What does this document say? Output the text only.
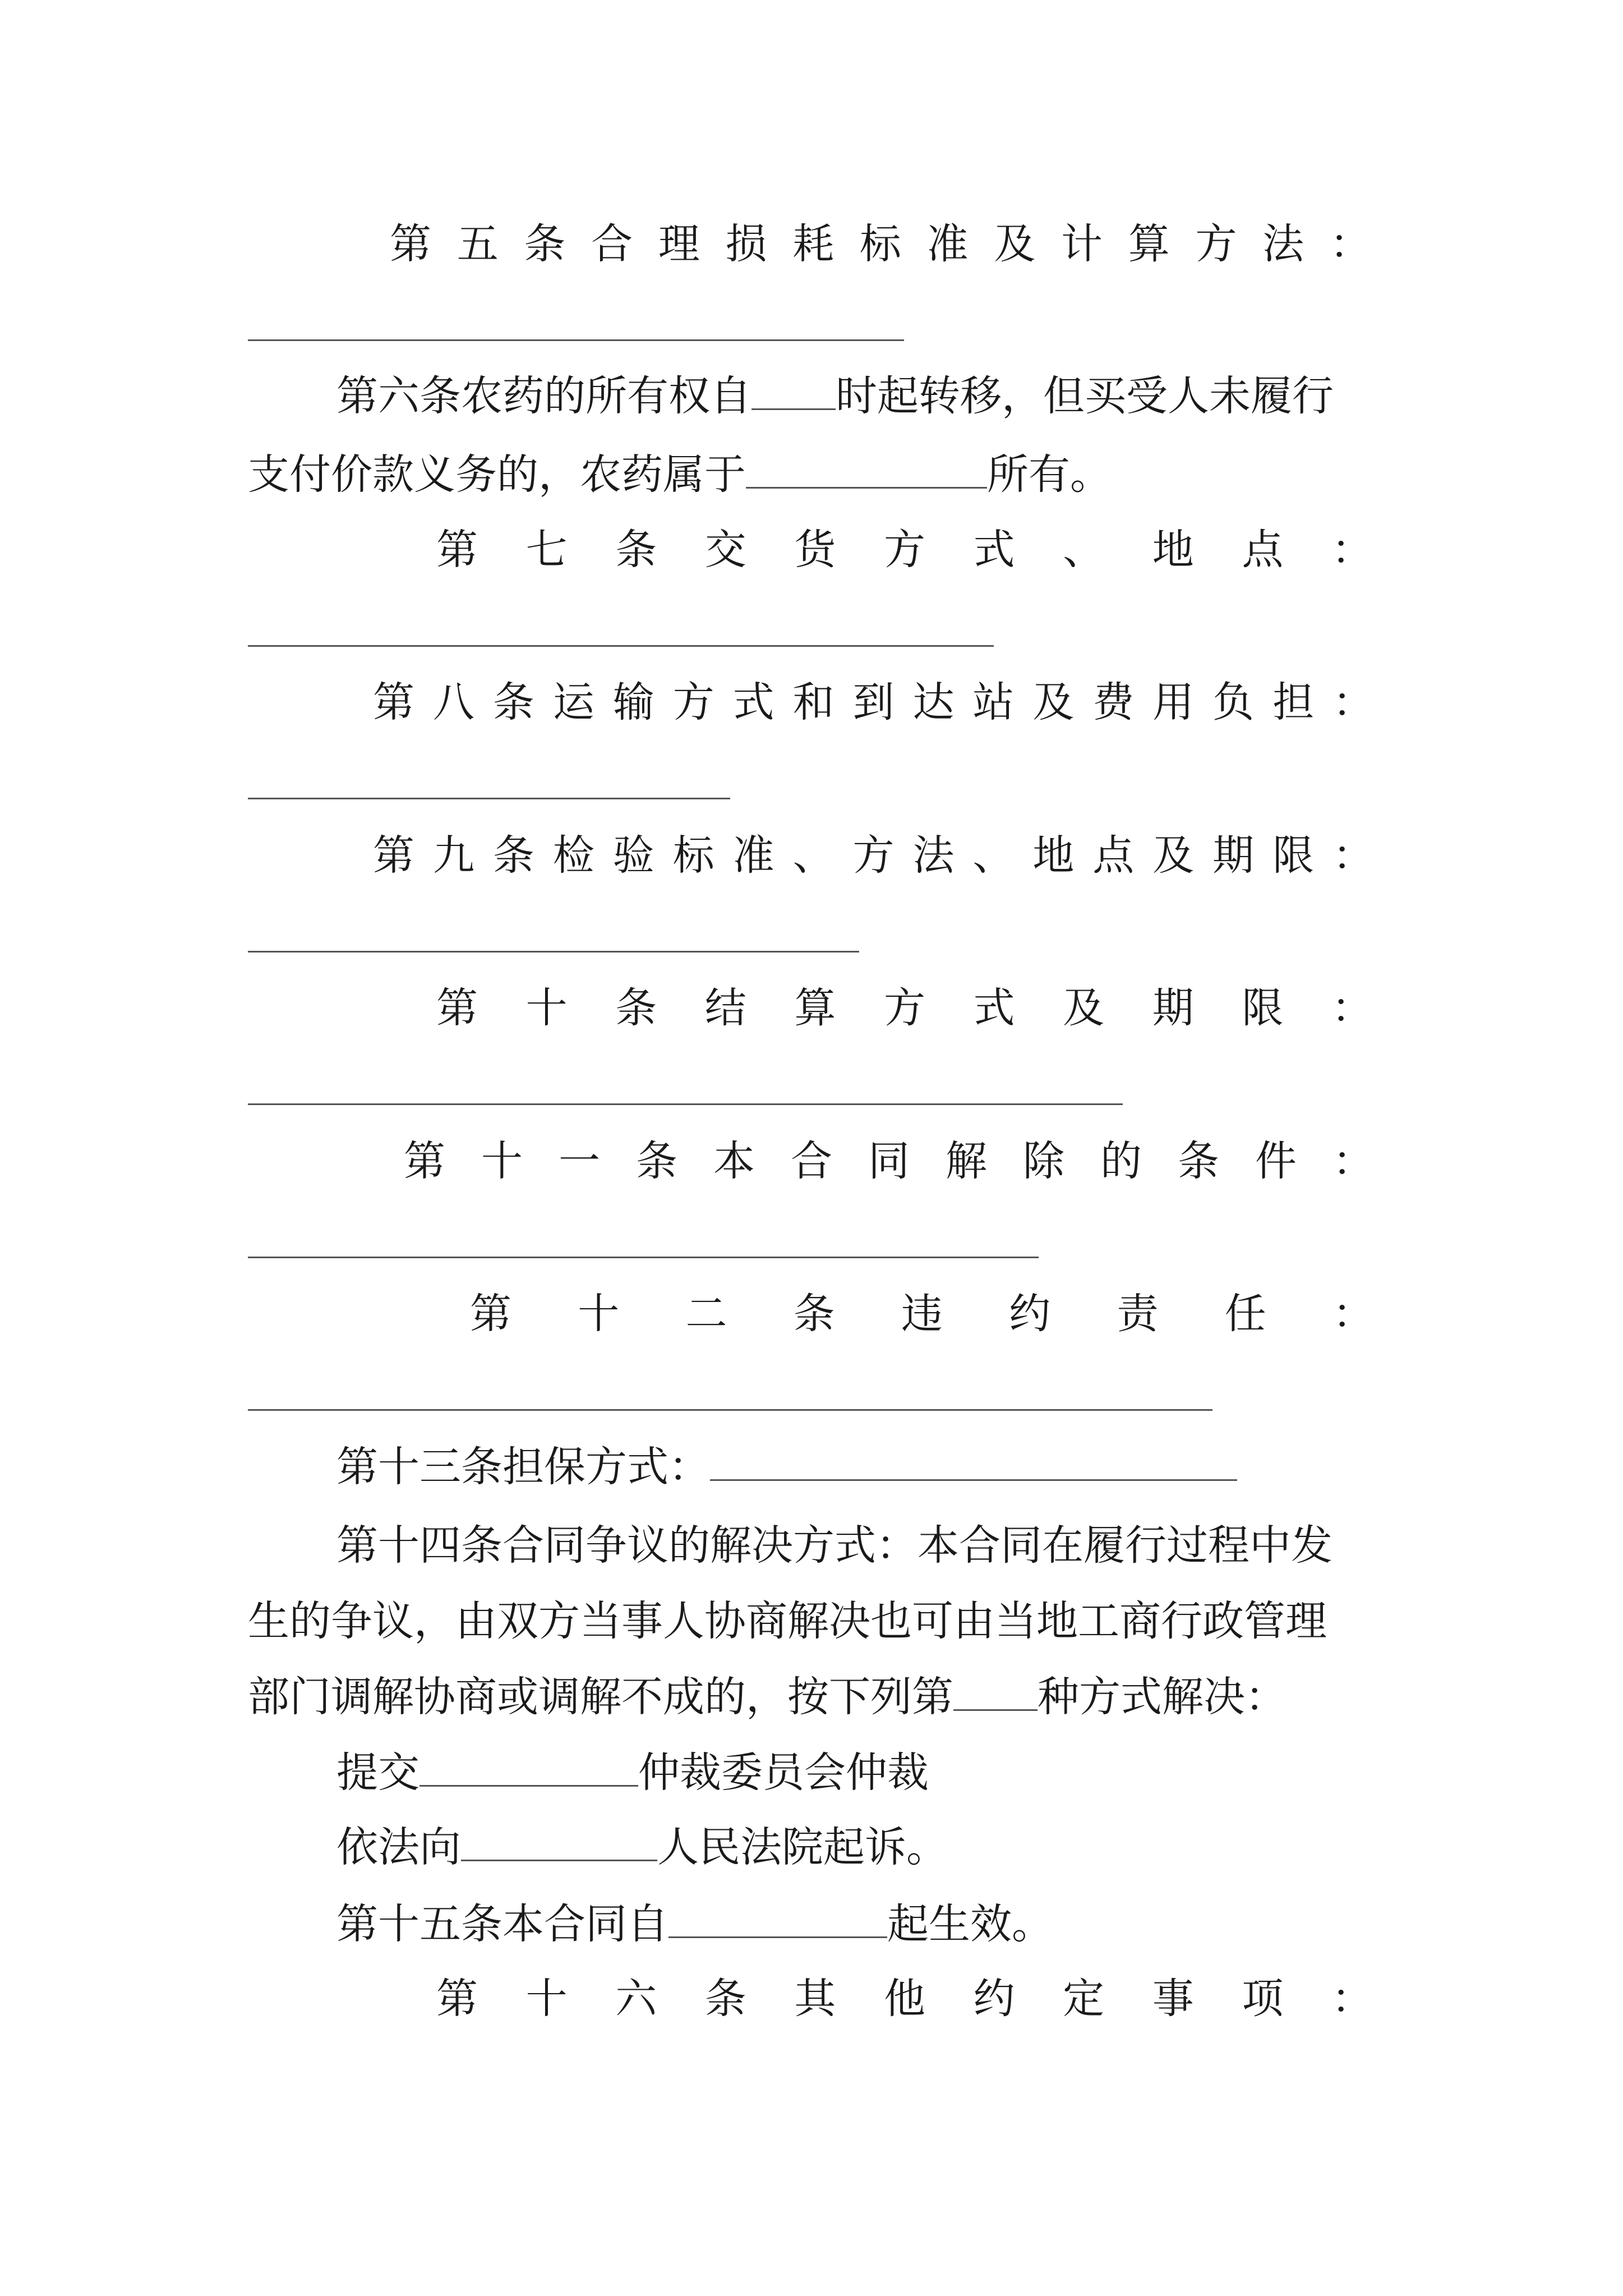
第 五 条 合 理 损 耗 标 准 及 计 算 方 法 ：
第六条农药的所有权自 时起转移，但买受人未履行
支付价款义务的，农药属于	所有。
第 七 条 交 货 方 式 、 地 点 ：
第 八 条 运 输 方 式 和 到 达 站 及 费 用 负 担 ：
第 九 条 检 验 标 准 、 方 法 、 地 点 及 期 限 ：
第 十 条 结 算 方 式 及 期 限 ：
第 十 一 条 本 合 同 解 除 的 条 件 ：
第 十 二 条 违 约 责 任 ：
第十三条担保方式：
第十四条合同争议的解决方式：本合同在履行过程中发
生的争议，由双方当事人协商解决也可由当地工商行政管理
部门调解协商或调解不成的，按下列第 种方式解决：
提交	仲裁委员会仲裁
依法向	人民法院起诉。
第十五条本合同自	起生效。
第 十 六 条 其 他 约 定 事 项 ：
